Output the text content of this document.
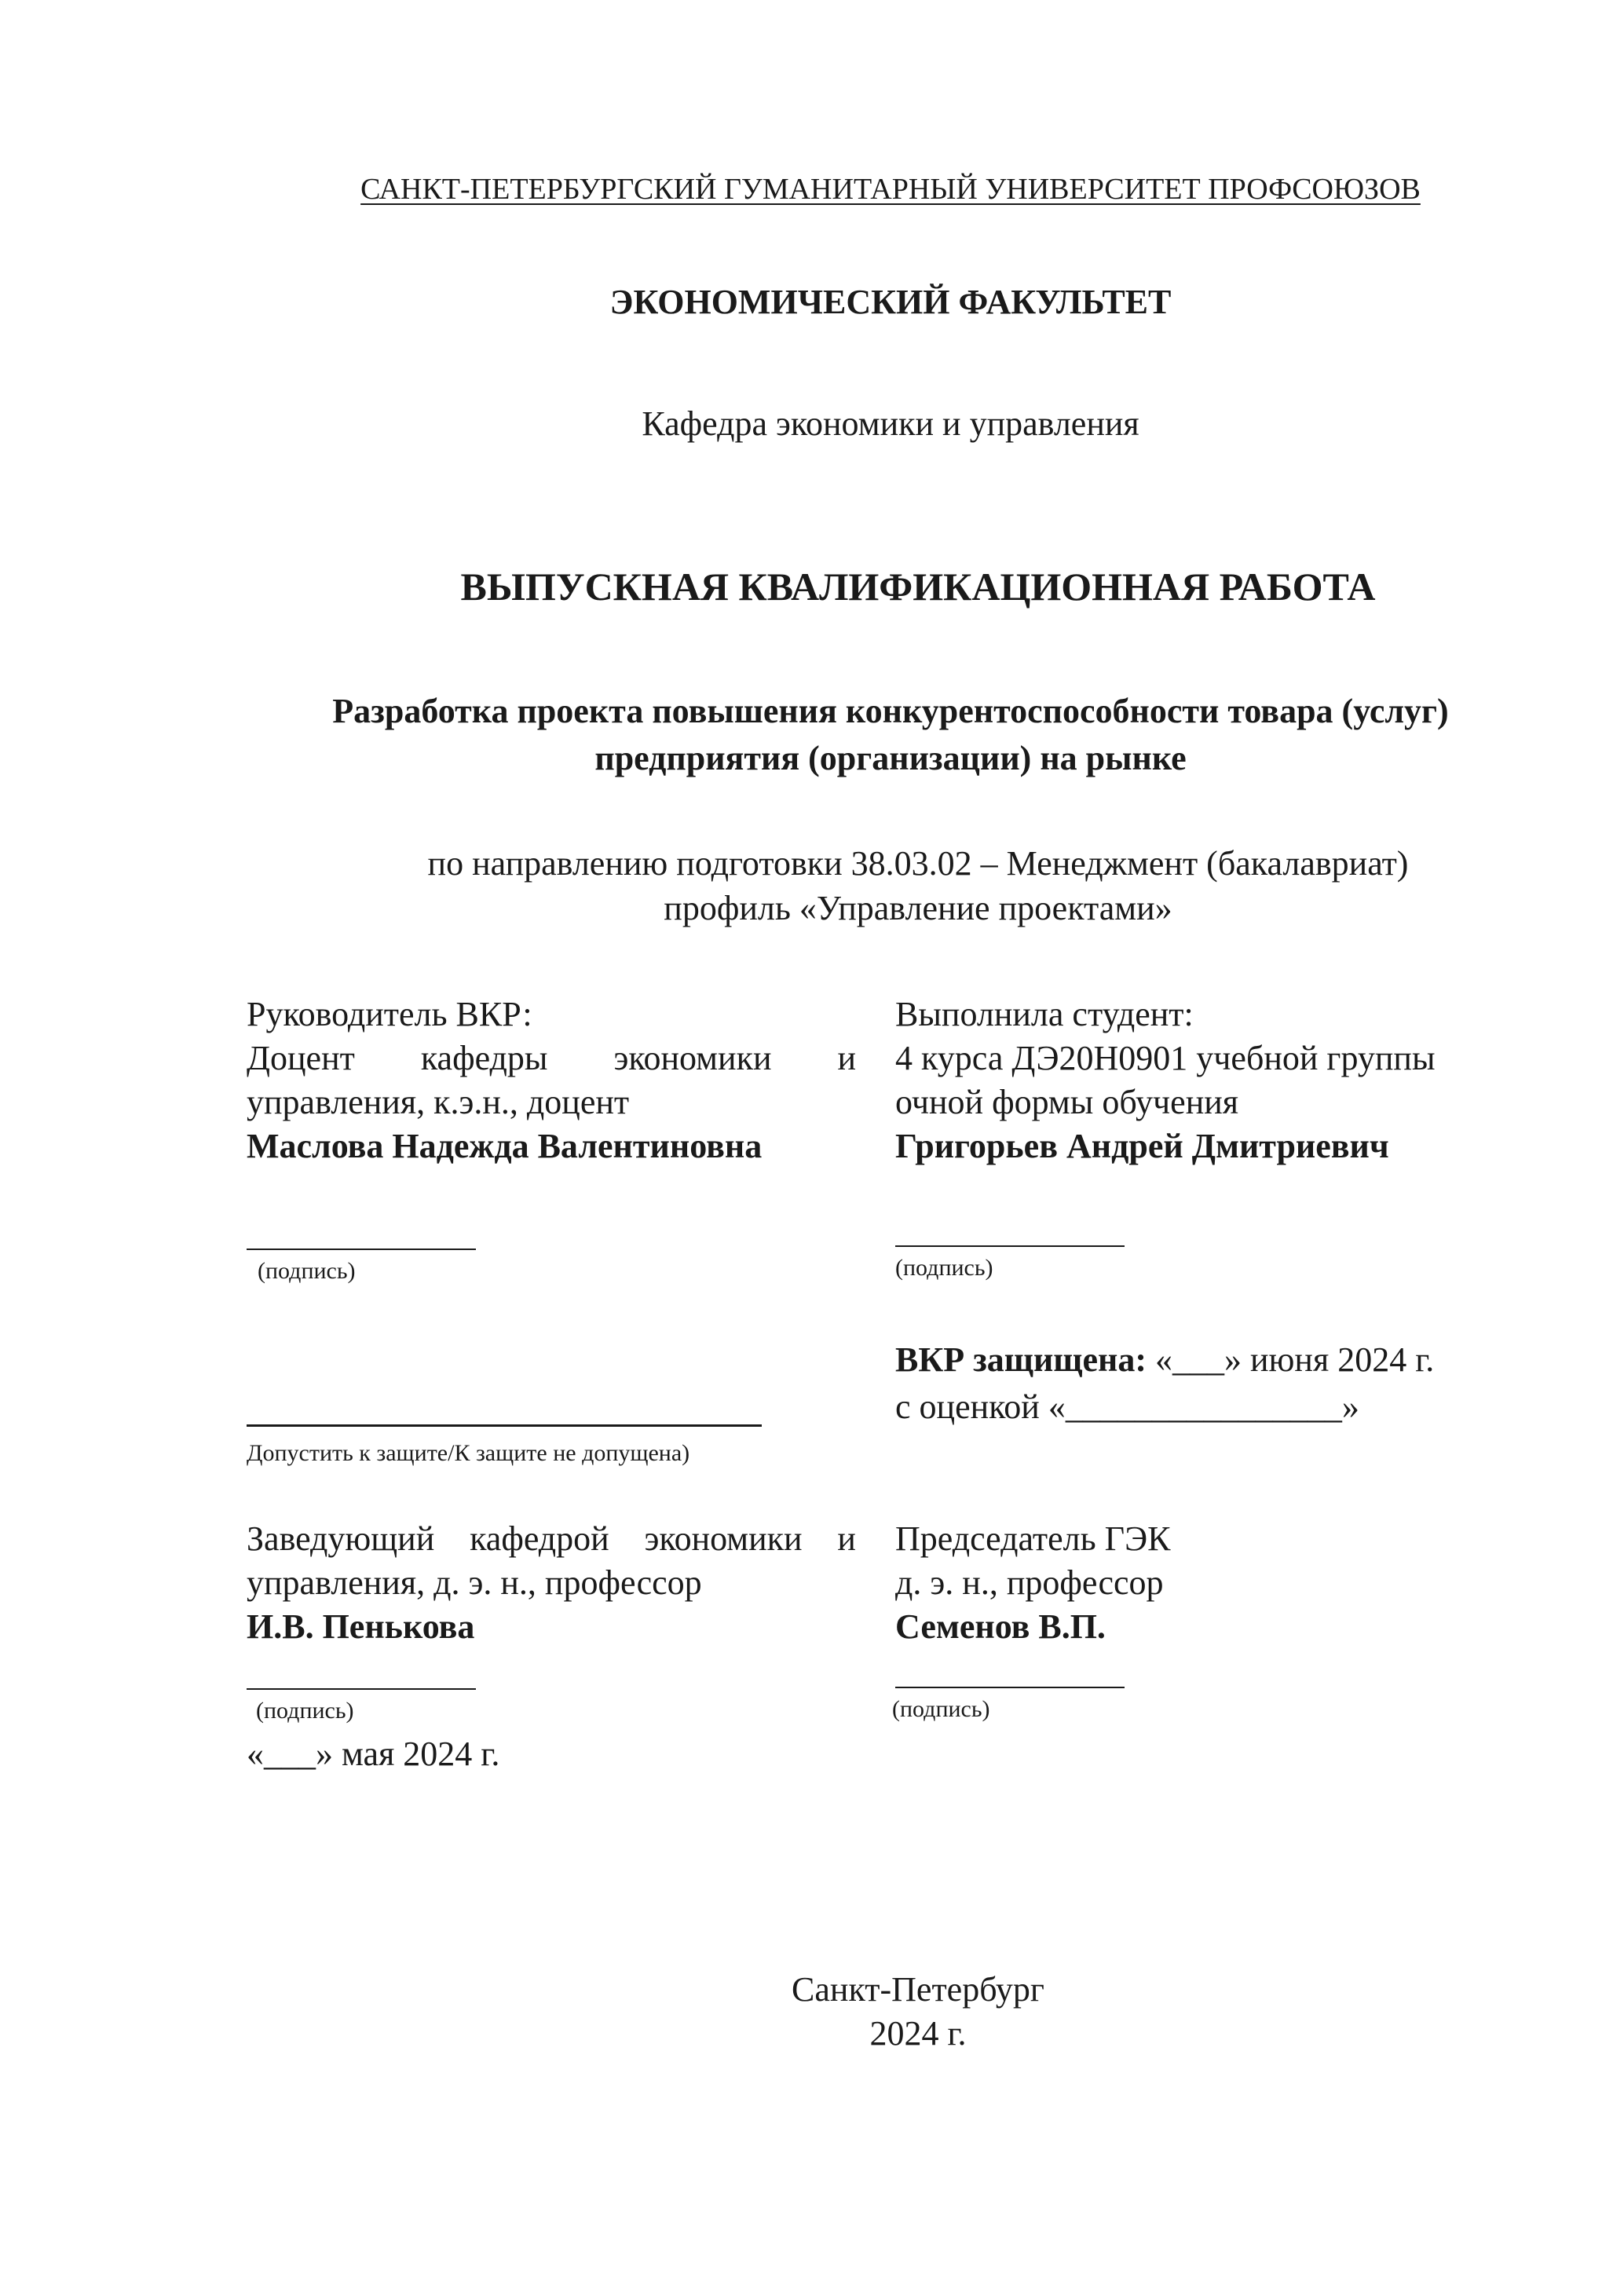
САНКТ-ПЕТЕРБУРГСКИЙ ГУМАНИТАРНЫЙ УНИВЕРСИТЕТ ПРОФСОЮЗОВ
ЭКОНОМИЧЕСКИЙ ФАКУЛЬТЕТ
Кафедра экономики и управления
ВЫПУСКНАЯ КВАЛИФИКАЦИОННАЯ РАБОТА
Разработка проекта повышения конкурентоспособности товара (услуг)
предприятия (организации) на рынке
по направлению подготовки 38.03.02 – Менеджмент (бакалавриат)
профиль «Управление проектами»
Руководитель ВКР:
Доцент кафедры экономики и
управления, к.э.н., доцент
Маслова Надежда Валентиновна
(подпись)
Выполнила студент:
4 курса ДЭ20Н0901 учебной группы
очной формы обучения
Григорьев Андрей Дмитриевич
(подпись)
ВКР защищена: «___» июня 2024 г.
с оценкой «________________»
Допустить к защите/К защите не допущена)
Заведующий кафедрой экономики и
управления, д. э. н., профессор
И.В. Пенькова
(подпись)
«___» мая 2024 г.
Председатель ГЭК
д. э. н., профессор
Семенов В.П.
(подпись)
Санкт-Петербург
2024 г.
